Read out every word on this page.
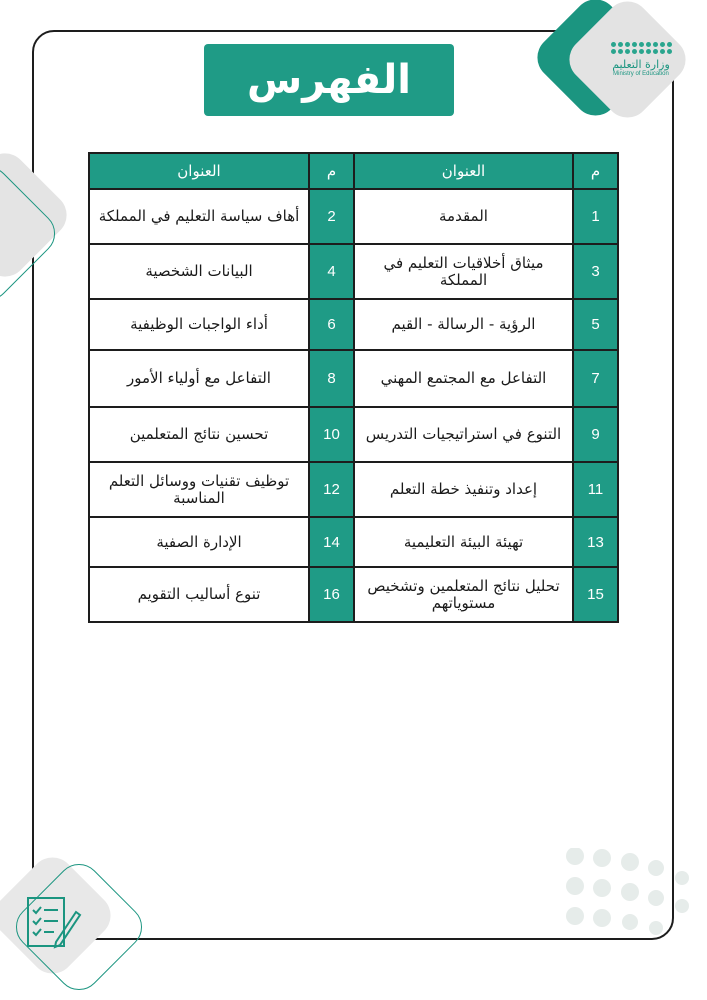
وزارة التعليم
Ministry of Education
الفهرس
م	العنوان	م	العنوان
1	المقدمة	2	أهاف سياسة التعليم في المملكة
3	ميثاق أخلاقيات التعليم في المملكة	4	البيانات الشخصية
5	الرؤية - الرسالة - القيم	6	أداء الواجبات الوظيفية
7	التفاعل مع المجتمع المهني	8	التفاعل مع أولياء الأمور
9	التنوع في استراتيجيات التدريس	10	تحسين نتائج المتعلمين
11	إعداد وتنفيذ خطة التعلم	12	توظيف تقنيات ووسائل التعلم المناسبة
13	تهيئة البيئة التعليمية	14	الإدارة الصفية
15	تحليل نتائج المتعلمين وتشخيص مستوياتهم	16	تنوع أساليب التقويم
